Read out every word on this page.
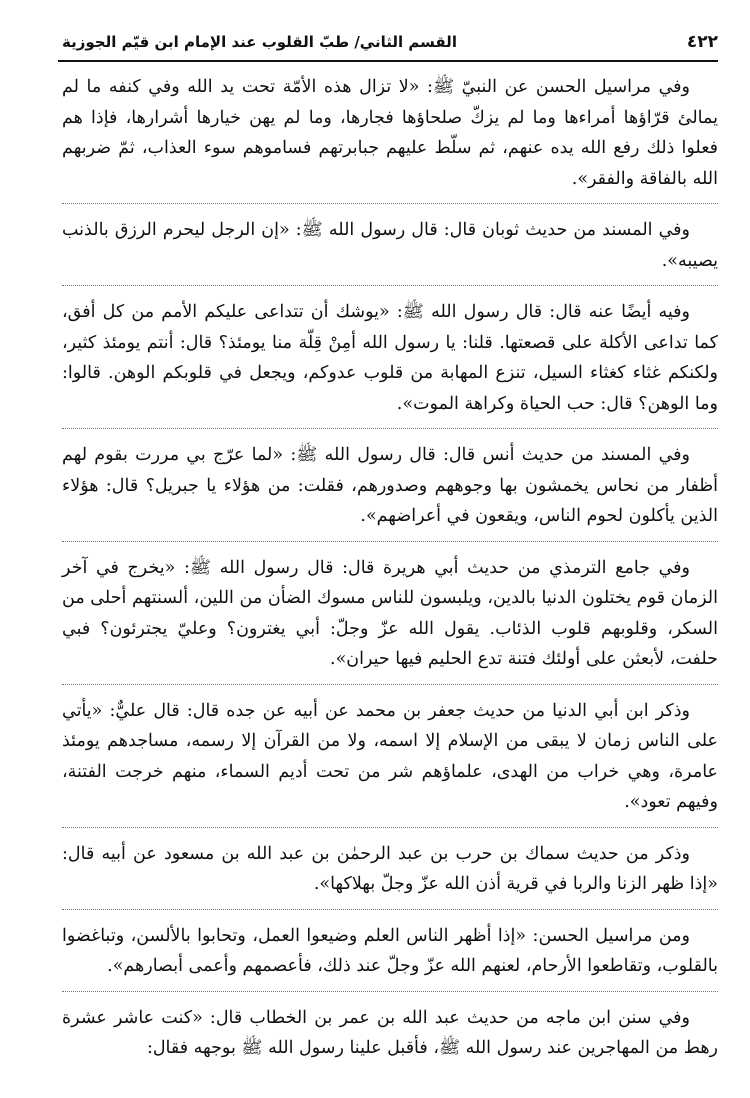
٤٢٢
القسم الثاني/ طبّ القلوب عند الإمام ابن قيّم الجوزية

وفي مراسيل الحسن عن النبيّ ﷺ: «لا تزال هذه الأمّة تحت يد الله وفي كنفه ما لم يمالئ قرّاؤها أمراءها وما لم يزكّ صلحاؤها فجارها، وما لم يهن خيارها أشرارها، فإذا هم فعلوا ذلك رفع الله يده عنهم، ثم سلّط عليهم جبابرتهم فساموهم سوء العذاب، ثمّ ضربهم الله بالفاقة والفقر».

وفي المسند من حديث ثوبان قال: قال رسول الله ﷺ: «إن الرجل ليحرم الرزق بالذنب يصيبه».

وفيه أيضًا عنه قال: قال رسول الله ﷺ: «يوشك أن تتداعى عليكم الأمم من كل أفق، كما تداعى الأكلة على قصعتها. قلنا: يا رسول الله أمِنْ قِلّة منا يومئذ؟ قال: أنتم يومئذ كثير، ولكنكم غثاء كغثاء السيل، تنزع المهابة من قلوب عدوكم، ويجعل في قلوبكم الوهن. قالوا: وما الوهن؟ قال: حب الحياة وكراهة الموت».

وفي المسند من حديث أنس قال: قال رسول الله ﷺ: «لما عرّج بي مررت بقوم لهم أظفار من نحاس يخمشون بها وجوههم وصدورهم، فقلت: من هؤلاء يا جبريل؟ قال: هؤلاء الذين يأكلون لحوم الناس، ويقعون في أعراضهم».

وفي جامع الترمذي من حديث أبي هريرة قال: قال رسول الله ﷺ: «يخرج في آخر الزمان قوم يختلون الدنيا بالدين، ويلبسون للناس مسوك الضأن من اللين، ألسنتهم أحلى من السكر، وقلوبهم قلوب الذئاب. يقول الله عزّ وجلّ: أبي يغترون؟ وعليّ يجترئون؟ فبي حلفت، لأبعثن على أولئك فتنة تدع الحليم فيها حيران».

وذكر ابن أبي الدنيا من حديث جعفر بن محمد عن أبيه عن جده قال: قال عليٌّ: «يأتي على الناس زمان لا يبقى من الإسلام إلا اسمه، ولا من القرآن إلا رسمه، مساجدهم يومئذ عامرة، وهي خراب من الهدى، علماؤهم شر من تحت أديم السماء، منهم خرجت الفتنة، وفيهم تعود».

وذكر من حديث سماك بن حرب بن عبد الرحمٰن بن عبد الله بن مسعود عن أبيه قال: «إذا ظهر الزنا والربا في قرية أذن الله عزّ وجلّ بهلاكها».

ومن مراسيل الحسن: «إذا أظهر الناس العلم وضيعوا العمل، وتحابوا بالألسن، وتباغضوا بالقلوب، وتقاطعوا الأرحام، لعنهم الله عزّ وجلّ عند ذلك، فأعصمهم وأعمى أبصارهم».

وفي سنن ابن ماجه من حديث عبد الله بن عمر بن الخطاب قال: «كنت عاشر عشرة رهط من المهاجرين عند رسول الله ﷺ، فأقبل علينا رسول الله ﷺ بوجهه فقال:
